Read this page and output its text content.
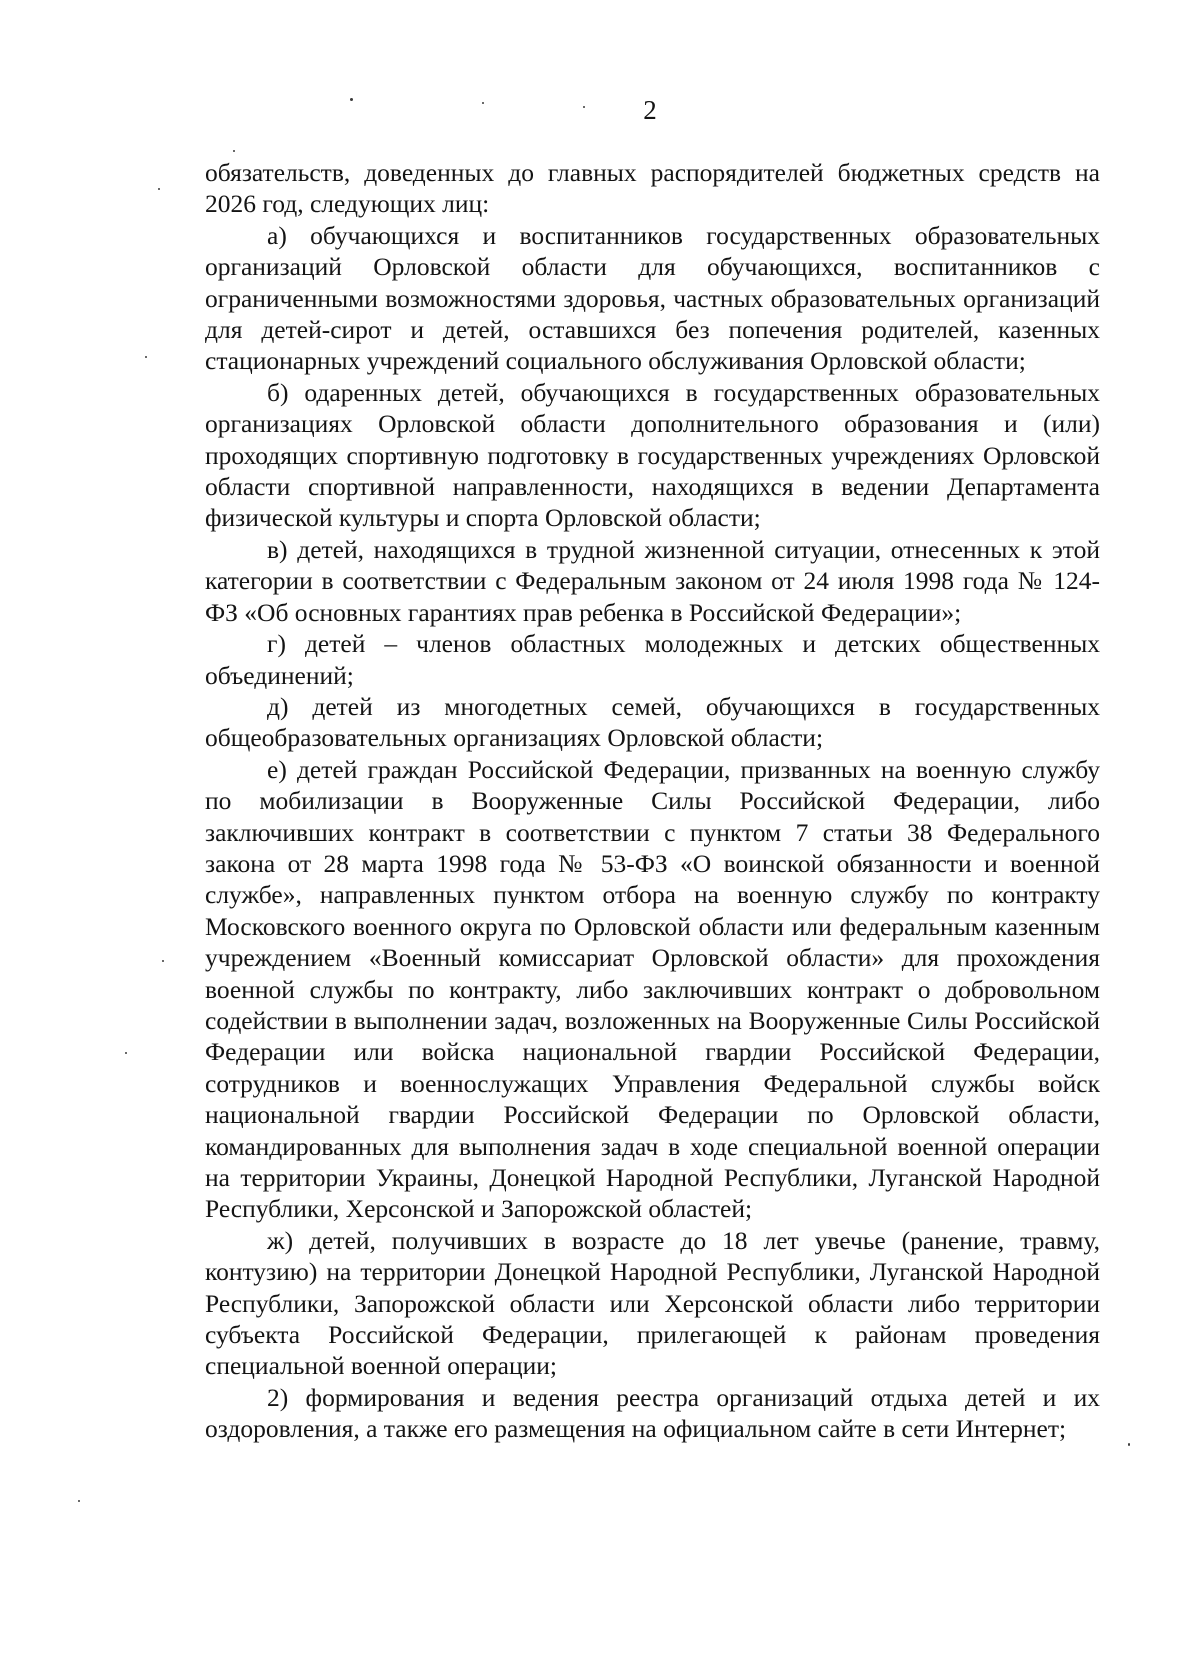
2

обязательств, доведенных до главных распорядителей бюджетных средств на 2026 год, следующих лиц:

а) обучающихся и воспитанников государственных образовательных организаций Орловской области для обучающихся, воспитанников с ограниченными возможностями здоровья, частных образовательных организаций для детей-сирот и детей, оставшихся без попечения родителей, казенных стационарных учреждений социального обслуживания Орловской области;

б) одаренных детей, обучающихся в государственных образовательных организациях Орловской области дополнительного образования и (или) проходящих спортивную подготовку в государственных учреждениях Орловской области спортивной направленности, находящихся в ведении Департамента физической культуры и спорта Орловской области;

в) детей, находящихся в трудной жизненной ситуации, отнесенных к этой категории в соответствии с Федеральным законом от 24 июля 1998 года № 124-ФЗ «Об основных гарантиях прав ребенка в Российской Федерации»;

г) детей – членов областных молодежных и детских общественных объединений;

д) детей из многодетных семей, обучающихся в государственных общеобразовательных организациях Орловской области;

е) детей граждан Российской Федерации, призванных на военную службу по мобилизации в Вооруженные Силы Российской Федерации, либо заключивших контракт в соответствии с пунктом 7 статьи 38 Федерального закона от 28 марта 1998 года № 53-ФЗ «О воинской обязанности и военной службе», направленных пунктом отбора на военную службу по контракту Московского военного округа по Орловской области или федеральным казенным учреждением «Военный комиссариат Орловской области» для прохождения военной службы по контракту, либо заключивших контракт о добровольном содействии в выполнении задач, возложенных на Вооруженные Силы Российской Федерации или войска национальной гвардии Российской Федерации, сотрудников и военнослужащих Управления Федеральной службы войск национальной гвардии Российской Федерации по Орловской области, командированных для выполнения задач в ходе специальной военной операции на территории Украины, Донецкой Народной Республики, Луганской Народной Республики, Херсонской и Запорожской областей;

ж) детей, получивших в возрасте до 18 лет увечье (ранение, травму, контузию) на территории Донецкой Народной Республики, Луганской Народной Республики, Запорожской области или Херсонской области либо территории субъекта Российской Федерации, прилегающей к районам проведения специальной военной операции;

2) формирования и ведения реестра организаций отдыха детей и их оздоровления, а также его размещения на официальном сайте в сети Интернет;
